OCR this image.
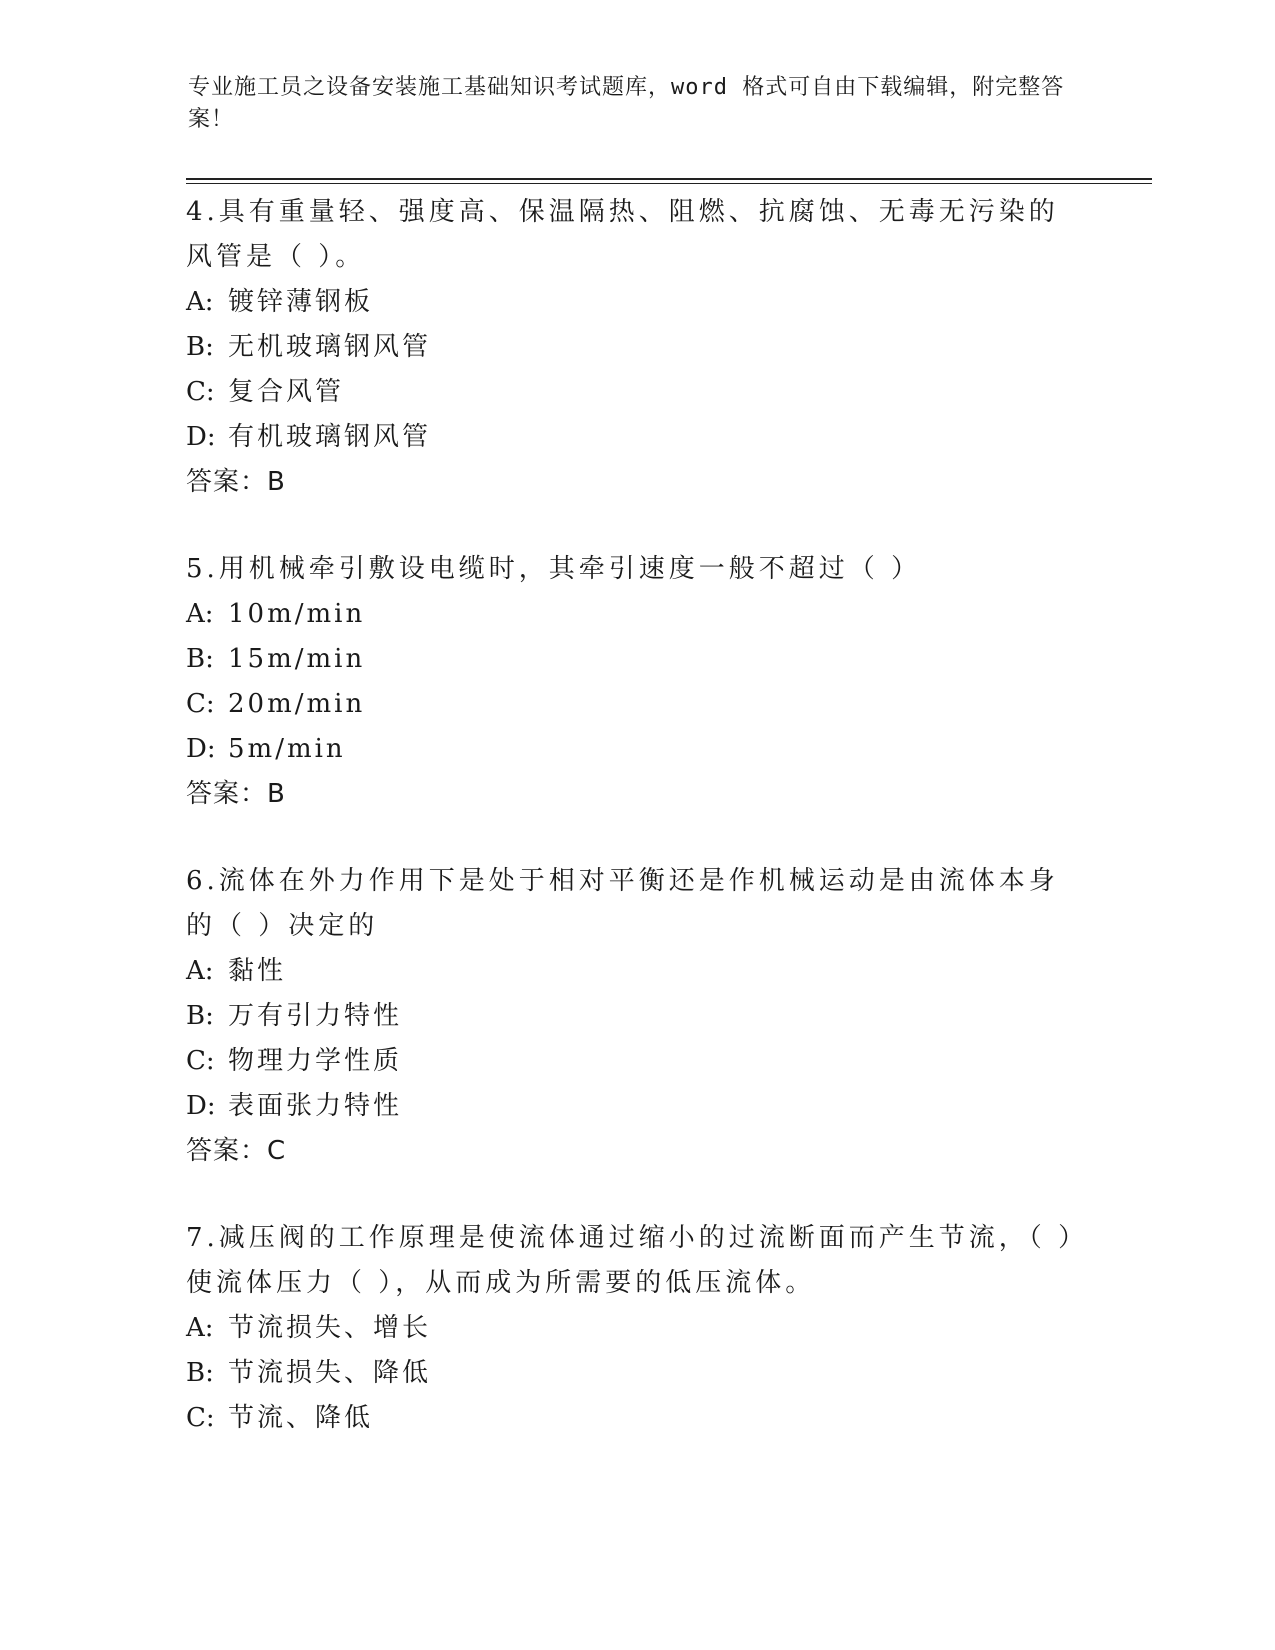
专业施工员之设备安装施工基础知识考试题库，word 格式可自由下载编辑，附完整答案！

4.具有重量轻、强度高、保温隔热、阻燃、抗腐蚀、无毒无污染的风管是（ ）。

A: 镀锌薄钢板

B: 无机玻璃钢风管

C: 复合风管

D: 有机玻璃钢风管

答案：B

5.用机械牵引敷设电缆时，其牵引速度一般不超过（ ）

A: 10m/min

B: 15m/min

C: 20m/min

D: 5m/min

答案：B

6.流体在外力作用下是处于相对平衡还是作机械运动是由流体本身的（ ）决定的

A: 黏性

B: 万有引力特性

C: 物理力学性质

D: 表面张力特性

答案：C

7.减压阀的工作原理是使流体通过缩小的过流断面而产生节流，（ ）使流体压力（ ），从而成为所需要的低压流体。

A: 节流损失、增长

B: 节流损失、降低

C: 节流、降低
